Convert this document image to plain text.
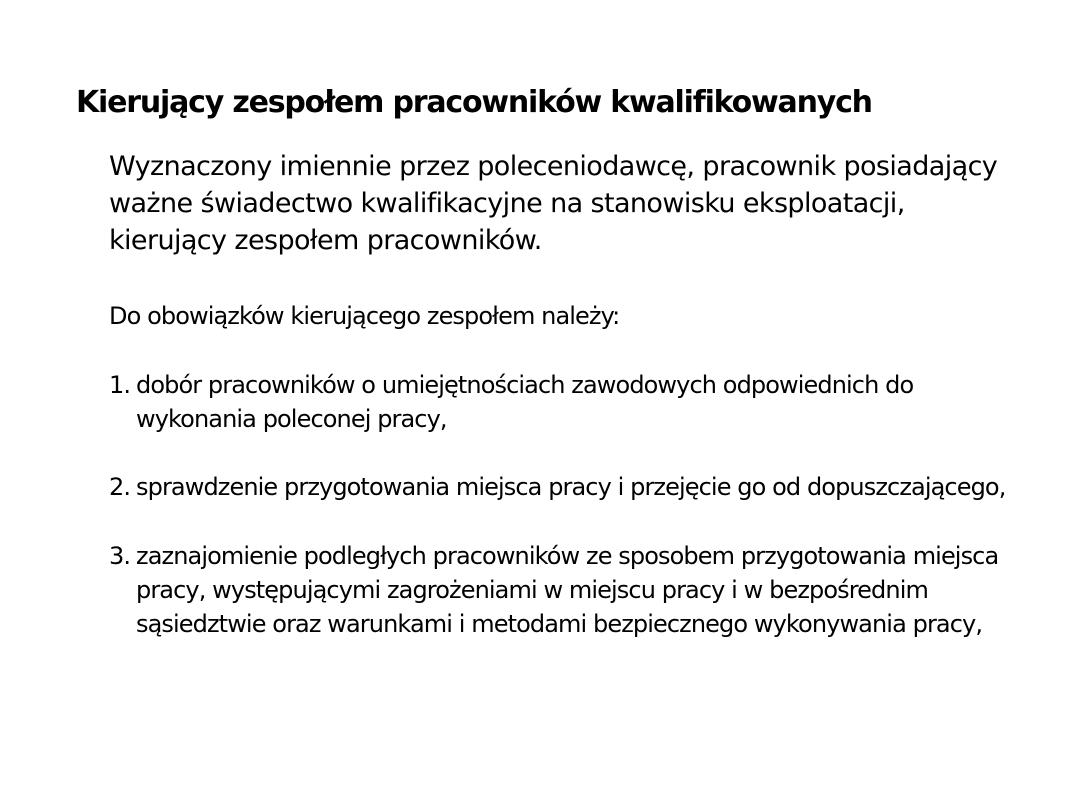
Kierujący zespołem pracowników kwalifikowanych

Wyznaczony imiennie przez poleceniodawcę, pracownik posiadający ważne świadectwo kwalifikacyjne na stanowisku eksploatacji, kierujący zespołem pracowników.

Do obowiązków kierującego zespołem należy:

1. dobór pracowników o umiejętnościach zawodowych odpowiednich do wykonania poleconej pracy,
2. sprawdzenie przygotowania miejsca pracy i przejęcie go od dopuszczającego,
3. zaznajomienie podległych pracowników ze sposobem przygotowania miejsca pracy, występującymi zagrożeniami w miejscu pracy i w bezpośrednim sąsiedztwie oraz warunkami i metodami bezpiecznego wykonywania pracy,
